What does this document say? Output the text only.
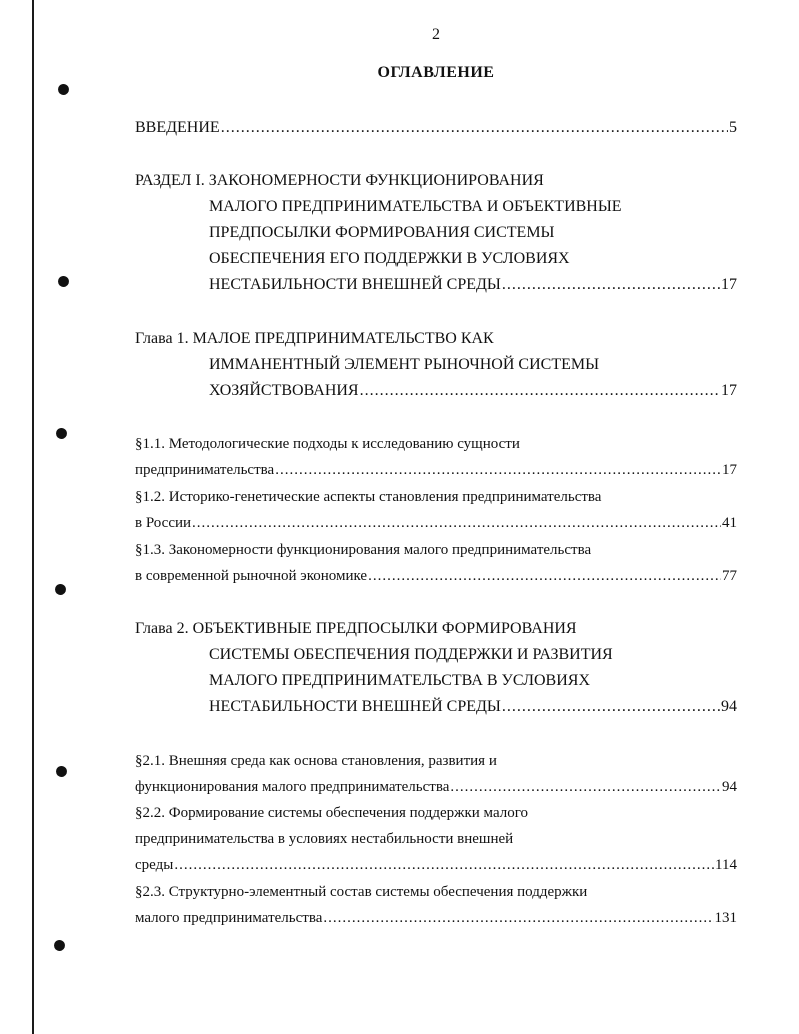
2
ОГЛАВЛЕНИЕ
ВВЕДЕНИЕ .....	5
РАЗДЕЛ I. ЗАКОНОМЕРНОСТИ ФУНКЦИОНИРОВАНИЯ
МАЛОГО ПРЕДПРИНИМАТЕЛЬСТВА И ОБЪЕКТИВНЫЕ
ПРЕДПОСЫЛКИ ФОРМИРОВАНИЯ СИСТЕМЫ
ОБЕСПЕЧЕНИЯ ЕГО ПОДДЕРЖКИ В УСЛОВИЯХ
НЕСТАБИЛЬНОСТИ ВНЕШНЕЙ СРЕДЫ .....	17
Глава 1. МАЛОЕ ПРЕДПРИНИМАТЕЛЬСТВО КАК
ИММАНЕНТНЫЙ ЭЛЕМЕНТ РЫНОЧНОЙ СИСТЕМЫ
ХОЗЯЙСТВОВАНИЯ .....	17
§1.1. Методологические подходы к исследованию сущности
предпринимательства .....	17
§1.2. Историко-генетические аспекты становления предпринимательства
в России .....	41
§1.3. Закономерности функционирования малого предпринимательства
в современной рыночной экономике .....	77
Глава 2. ОБЪЕКТИВНЫЕ ПРЕДПОСЫЛКИ ФОРМИРОВАНИЯ
СИСТЕМЫ ОБЕСПЕЧЕНИЯ ПОДДЕРЖКИ И РАЗВИТИЯ
МАЛОГО ПРЕДПРИНИМАТЕЛЬСТВА В УСЛОВИЯХ
НЕСТАБИЛЬНОСТИ ВНЕШНЕЙ СРЕДЫ .....	94
§2.1. Внешняя среда как основа становления, развития и
функционирования малого предпринимательства .....	94
§2.2. Формирование системы обеспечения поддержки малого
предпринимательства в условиях нестабильности внешней
среды .....	114
§2.3. Структурно-элементный состав системы обеспечения поддержки
малого предпринимательства .....	131
